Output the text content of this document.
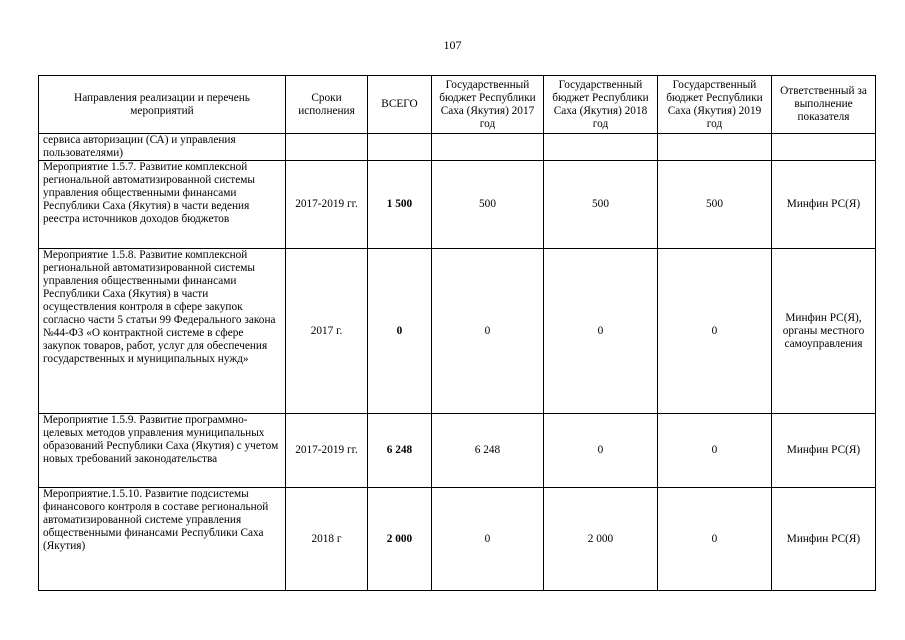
107
Направления реализации и перечень мероприятий	Сроки исполнения	ВСЕГО	Государственный бюджет Республики Саха (Якутия) 2017 год	Государственный бюджет Республики Саха (Якутия) 2018 год	Государственный бюджет Республики Саха (Якутия) 2019 год	Ответственный за выполнение показателя
сервиса авторизации (СА) и управления пользователями)						
Мероприятие 1.5.7. Развитие комплексной региональной автоматизированной системы управления общественными финансами Республики Саха (Якутия) в части ведения реестра источников доходов бюджетов	2017-2019 гг.	1 500	500	500	500	Минфин РС(Я)
Мероприятие 1.5.8. Развитие комплексной региональной автоматизированной системы управления общественными финансами Республики Саха (Якутия) в части осуществления контроля в сфере закупок согласно части 5 статьи 99 Федерального закона №44-ФЗ «О контрактной системе в сфере закупок товаров, работ, услуг для обеспечения государственных и муниципальных нужд»	2017 г.	0	0	0	0	Минфин РС(Я), органы местного самоуправления
Мероприятие 1.5.9. Развитие программно-целевых методов управления муниципальных образований Республики Саха (Якутия) с учетом новых требований законодательства	2017-2019 гг.	6 248	6 248	0	0	Минфин РС(Я)
Мероприятие.1.5.10. Развитие подсистемы финансового контроля в составе региональной автоматизированной системе управления общественными финансами Республики Саха (Якутия)	2018 г	2 000	0	2 000	0	Минфин РС(Я)
